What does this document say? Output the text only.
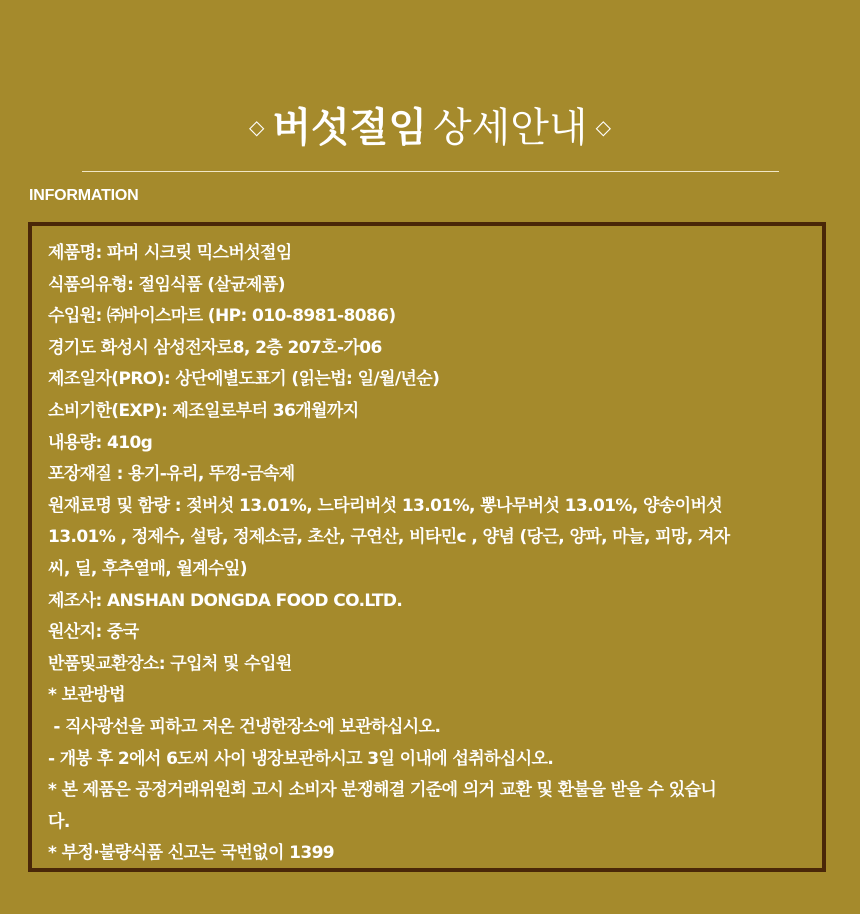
◇ 버섯절임 상세안내 ◇
INFORMATION
제품명: 파머 시크릿 믹스버섯절임
식품의유형: 절임식품 (살균제품)
수입원: ㈜바이스마트 (HP: 010-8981-8086)
경기도 화성시 삼성전자로8, 2층 207호-가06
제조일자(PRO): 상단에별도표기 (읽는법: 일/월/년순)
소비기한(EXP): 제조일로부터 36개월까지
내용량: 410g
포장재질 : 용기-유리, 뚜껑-금속제
원재료명 및 함량 : 젖버섯 13.01%, 느타리버섯 13.01%, 뽕나무버섯 13.01%, 양송이버섯
13.01% , 정제수, 설탕, 정제소금, 초산, 구연산, 비타민c , 양념 (당근, 양파, 마늘, 피망, 겨자
씨, 딜, 후추열매, 월계수잎)
제조사: ANSHAN DONGDA FOOD CO.LTD.
원산지: 중국
반품및교환장소: 구입처 및 수입원
* 보관방법
- 직사광선을 피하고 저온 건냉한장소에 보관하십시오.
- 개봉 후 2에서 6도씨 사이 냉장보관하시고 3일 이내에 섭취하십시오.
* 본 제품은 공정거래위원회 고시 소비자 분쟁해결 기준에 의거 교환 및 환불을 받을 수 있습니
다.
* 부정·불량식품 신고는 국번없이 1399
